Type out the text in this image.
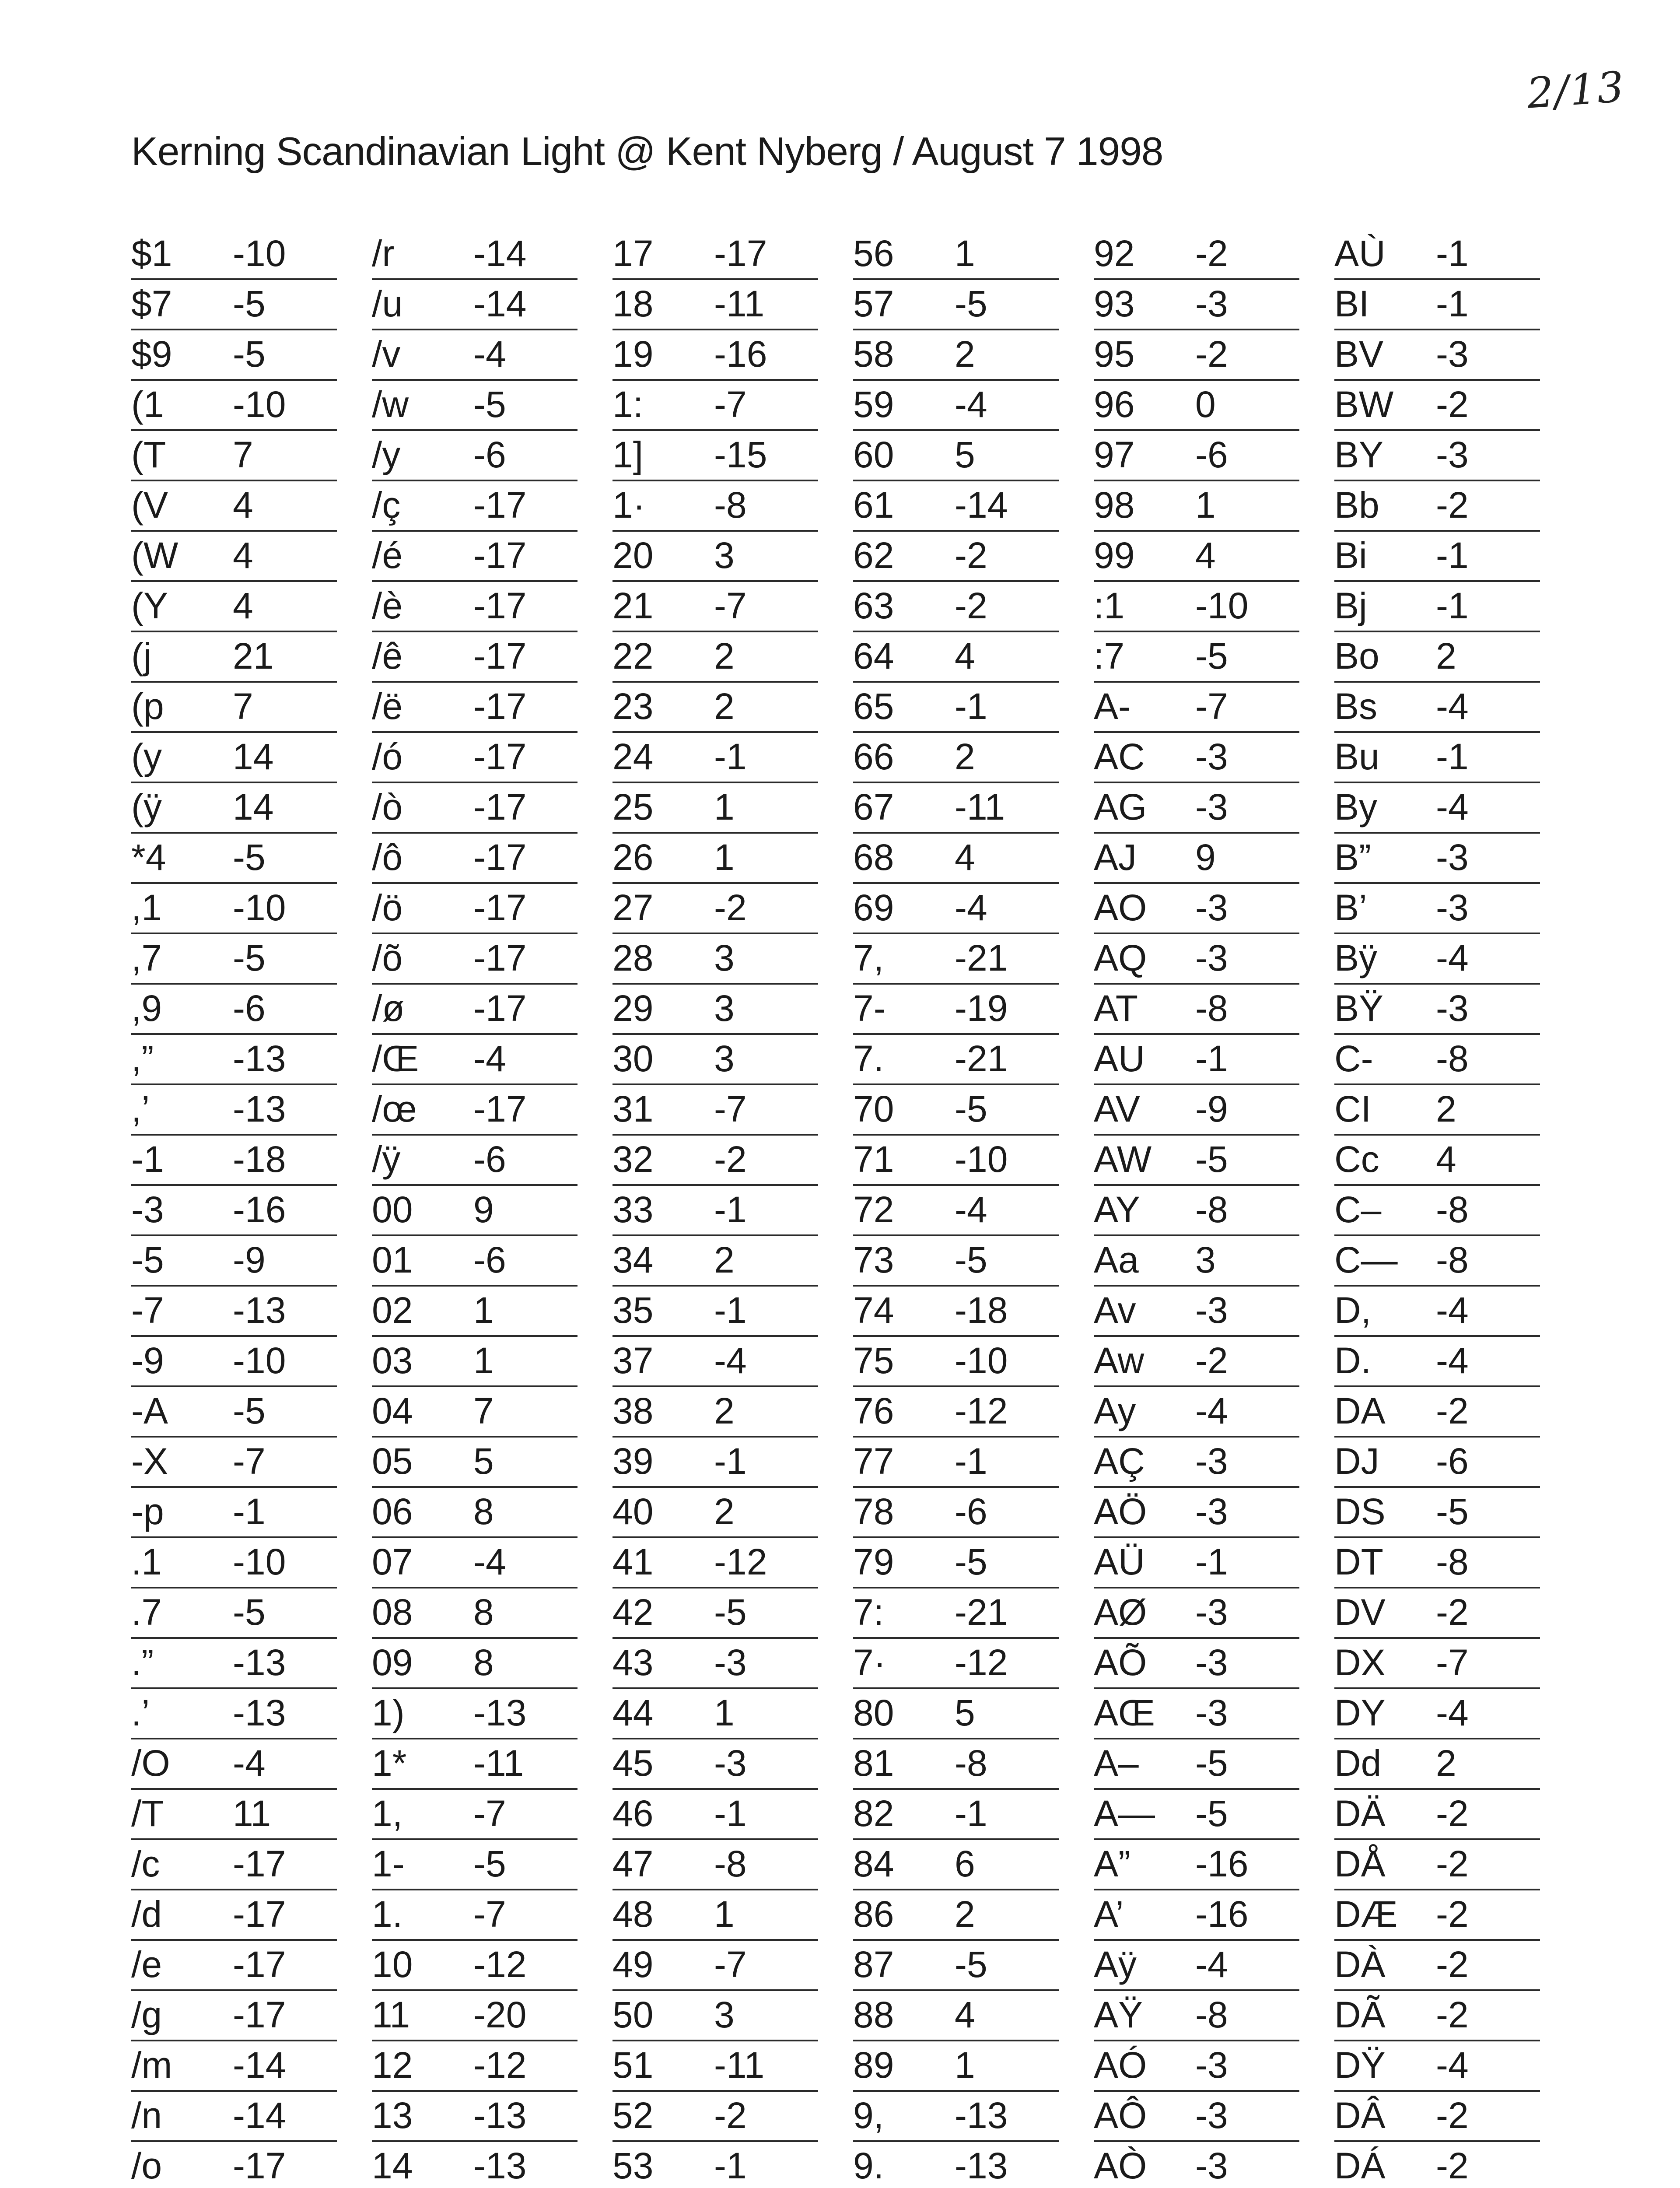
2/13
Kerning Scandinavian Light @ Kent Nyberg / August 7 1998
$1 -10
$7 -5
$9 -5
(1 -10
(T 7
(V 4
(W 4
(Y 4
(j 21
(p 7
(y 14
(ÿ 14
*4 -5
,1 -10
,7 -5
,9 -6
,” -13
,’ -13
-1 -18
-3 -16
-5 -9
-7 -13
-9 -10
-A -5
-X -7
-p -1
.1 -10
.7 -5
.” -13
.’ -13
/O -4
/T 11
/c -17
/d -17
/e -17
/g -17
/m -14
/n -14
/o -17
/r -14
/u -14
/v -4
/w -5
/y -6
/ç -17
/é -17
/è -17
/ê -17
/ë -17
/ó -17
/ò -17
/ô -17
/ö -17
/õ -17
/ø -17
/Œ -4
/œ -17
/ÿ -6
00 9
01 -6
02 1
03 1
04 7
05 5
06 8
07 -4
08 8
09 8
1) -13
1* -11
1, -7
1- -5
1. -7
10 -12
11 -20
12 -12
13 -13
14 -13
17 -17
18 -11
19 -16
1: -7
1] -15
1· -8
20 3
21 -7
22 2
23 2
24 -1
25 1
26 1
27 -2
28 3
29 3
30 3
31 -7
32 -2
33 -1
34 2
35 -1
37 -4
38 2
39 -1
40 2
41 -12
42 -5
43 -3
44 1
45 -3
46 -1
47 -8
48 1
49 -7
50 3
51 -11
52 -2
53 -1
56 1
57 -5
58 2
59 -4
60 5
61 -14
62 -2
63 -2
64 4
65 -1
66 2
67 -11
68 4
69 -4
7, -21
7- -19
7. -21
70 -5
71 -10
72 -4
73 -5
74 -18
75 -10
76 -12
77 -1
78 -6
79 -5
7: -21
7· -12
80 5
81 -8
82 -1
84 6
86 2
87 -5
88 4
89 1
9, -13
9. -13
92 -2
93 -3
95 -2
96 0
97 -6
98 1
99 4
:1 -10
:7 -5
A- -7
AC -3
AG -3
AJ 9
AO -3
AQ -3
AT -8
AU -1
AV -9
AW -5
AY -8
Aa 3
Av -3
Aw -2
Ay -4
AÇ -3
AÖ -3
AÜ -1
AØ -3
AÕ -3
AŒ -3
A– -5
A— -5
A” -16
A’ -16
Aÿ -4
AŸ -8
AÓ -3
AÔ -3
AÒ -3
AÙ -1
BI -1
BV -3
BW -2
BY -3
Bb -2
Bi -1
Bj -1
Bo 2
Bs -4
Bu -1
By -4
B” -3
B’ -3
Bÿ -4
BŸ -3
C- -8
CI 2
Cc 4
C– -8
C— -8
D, -4
D. -4
DA -2
DJ -6
DS -5
DT -8
DV -2
DX -7
DY -4
Dd 2
DÄ -2
DÅ -2
DÆ -2
DÀ -2
DÃ -2
DŸ -4
DÂ -2
DÁ -2
